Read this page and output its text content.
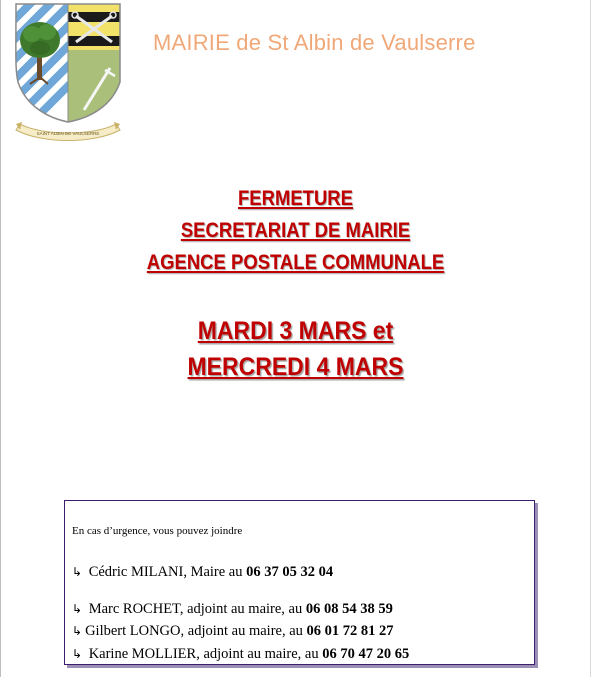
SAINT ALBIN DE VAULSERRE
MAIRIE de St Albin de Vaulserre
FERMETURE
SECRETARIAT DE MAIRIE
AGENCE POSTALE COMMUNALE
MARDI 3 MARS et
MERCREDI 4 MARS
En cas d’urgence, vous pouvez joindre
↳ Cédric MILANI, Maire au 06 37 05 32 04
↳ Marc ROCHET, adjoint au maire, au 06 08 54 38 59
↳ Gilbert LONGO, adjoint au maire, au 06 01 72 81 27
↳ Karine MOLLIER, adjoint au maire, au 06 70 47 20 65
